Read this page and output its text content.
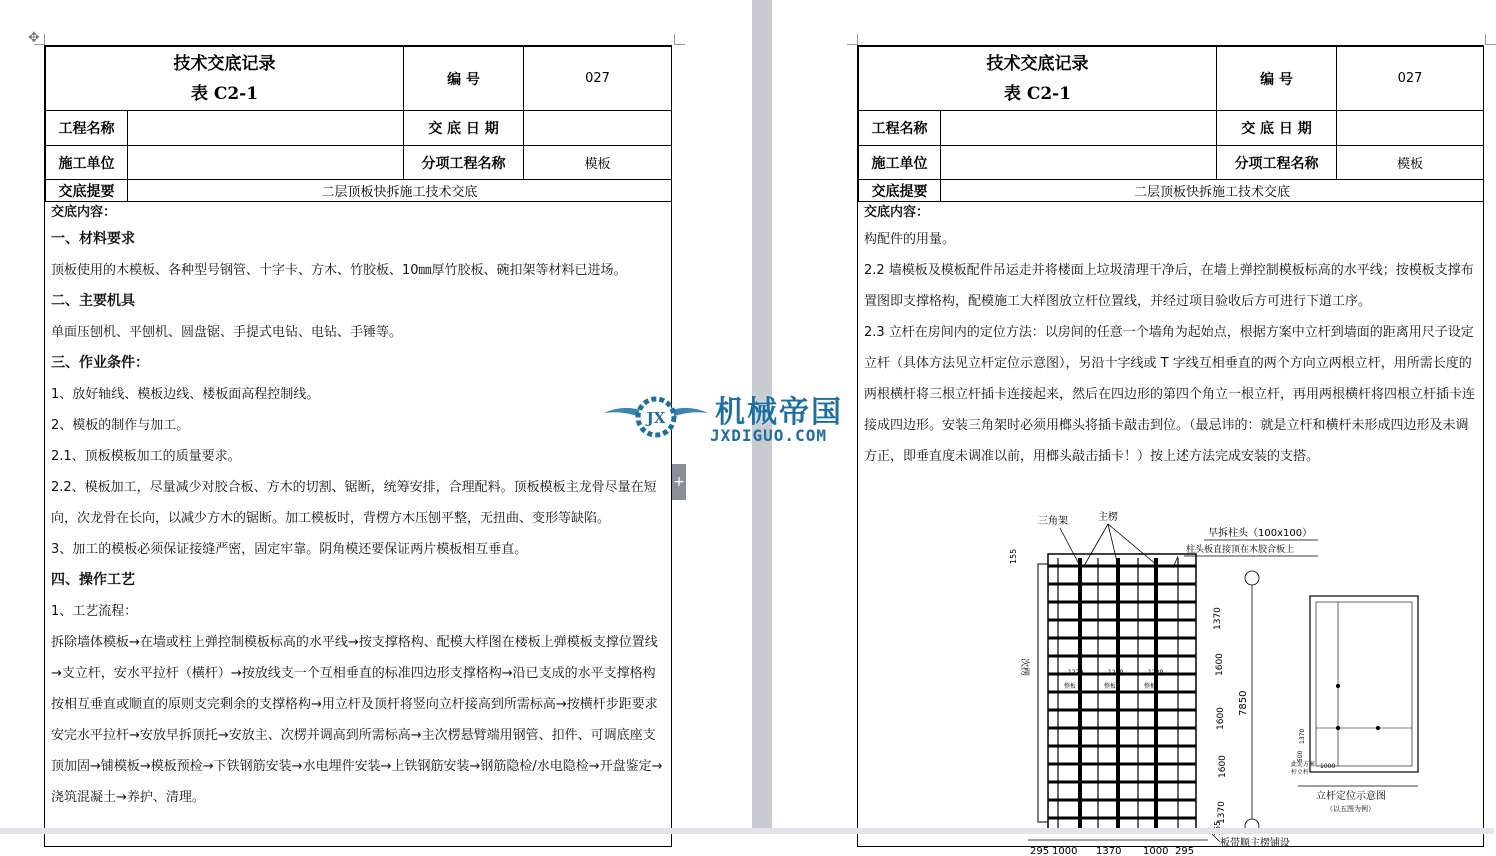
✥
技术交底记录
表 C2-1		编 号	027
工程名称		交 底 日 期	
施工单位		分项工程名称	模板
交底提要	二层顶板快拆施工技术交底		

交底内容：

一、材料要求

顶板使用的木模板、各种型号钢管、十字卡、方木、竹胶板、10㎜厚竹胶板、碗扣架等材料已进场。

二、主要机具

单面压刨机、平刨机、圆盘锯、手提式电钻、电钻、手锤等。

三、作业条件：

1、放好轴线、模板边线、楼板面高程控制线。

2、模板的制作与加工。

2.1、顶板模板加工的质量要求。

2.2、模板加工，尽量减少对胶合板、方木的切割、锯断，统筹安排，合理配料。顶板模板主龙骨尽量在短向，次龙骨在长向，以减少方木的锯断。加工模板时，背楞方木压刨平整，无扭曲、变形等缺陷。

3、加工的模板必须保证接缝严密，固定牢靠。阴角模还要保证两片模板相互垂直。

四、操作工艺

1、工艺流程：

拆除墙体模板→在墙或柱上弹控制模板标高的水平线→按支撑格构、配模大样图在楼板上弹模板支撑位置线→支立杆，安水平拉杆（横杆）→按放线支一个互相垂直的标准四边形支撑格构→沿已支成的水平支撑格构按相互垂直或顺直的原则支完剩余的支撑格构→用立杆及顶杆将竖向立杆接高到所需标高→按横杆步距要求安完水平拉杆→安放早拆顶托→安放主、次楞并调高到所需标高→主次楞悬臂端用钢管、扣件、可调底座支顶加固→铺模板→模板预检→下铁钢筋安装→水电埋件安装→上铁钢筋安装→钢筋隐检/水电隐检→开盘鉴定→浇筑混凝土→养护、清理。

+
技术交底记录
表 C2-1		编 号	027
工程名称		交 底 日 期	
施工单位		分项工程名称	模板
交底提要	二层顶板快拆施工技术交底		

交底内容：

构配件的用量。

2.2 墙模板及模板配件吊运走并将楼面上垃圾清理干净后，在墙上弹控制模板标高的水平线；按模板支撑布置图即支撑格构，配模施工大样图放立杆位置线，并经过项目验收后方可进行下道工序。

2.3 立杆在房间内的定位方法：以房间的任意一个墙角为起始点，根据方案中立杆到墙面的距离用尺子设定立杆（具体方法见立杆定位示意图），另沿十字线或 T 字线互相垂直的两个方向立两根立杆，用所需长度的两根横杆将三根立杆插卡连接起来，然后在四边形的第四个角立一根立杆，再用两根横杆将四根立杆插卡连接成四边形。安装三角架时必须用榔头将插卡敲击到位。（最忌讳的：就是立杆和横杆未形成四边形及未调方正，即垂直度未调准以前，用榔头敲击插卡！）按上述方法完成安装的支搭。

三角架	主楞
早拆柱头（100x100）
柱头板直接顶在木胶合板上
次楞
板带顺主楞铺设
立杆定位示意图
（以五图为例）
此处方案
杆立杆
155
1370
1600
1600
1600
1370
7850
295 1000 1370 1000 295
1220	1220	1220
整板	整板	整板
1370
500
1000
JX 机械帝国
JXDIGUO.COM
